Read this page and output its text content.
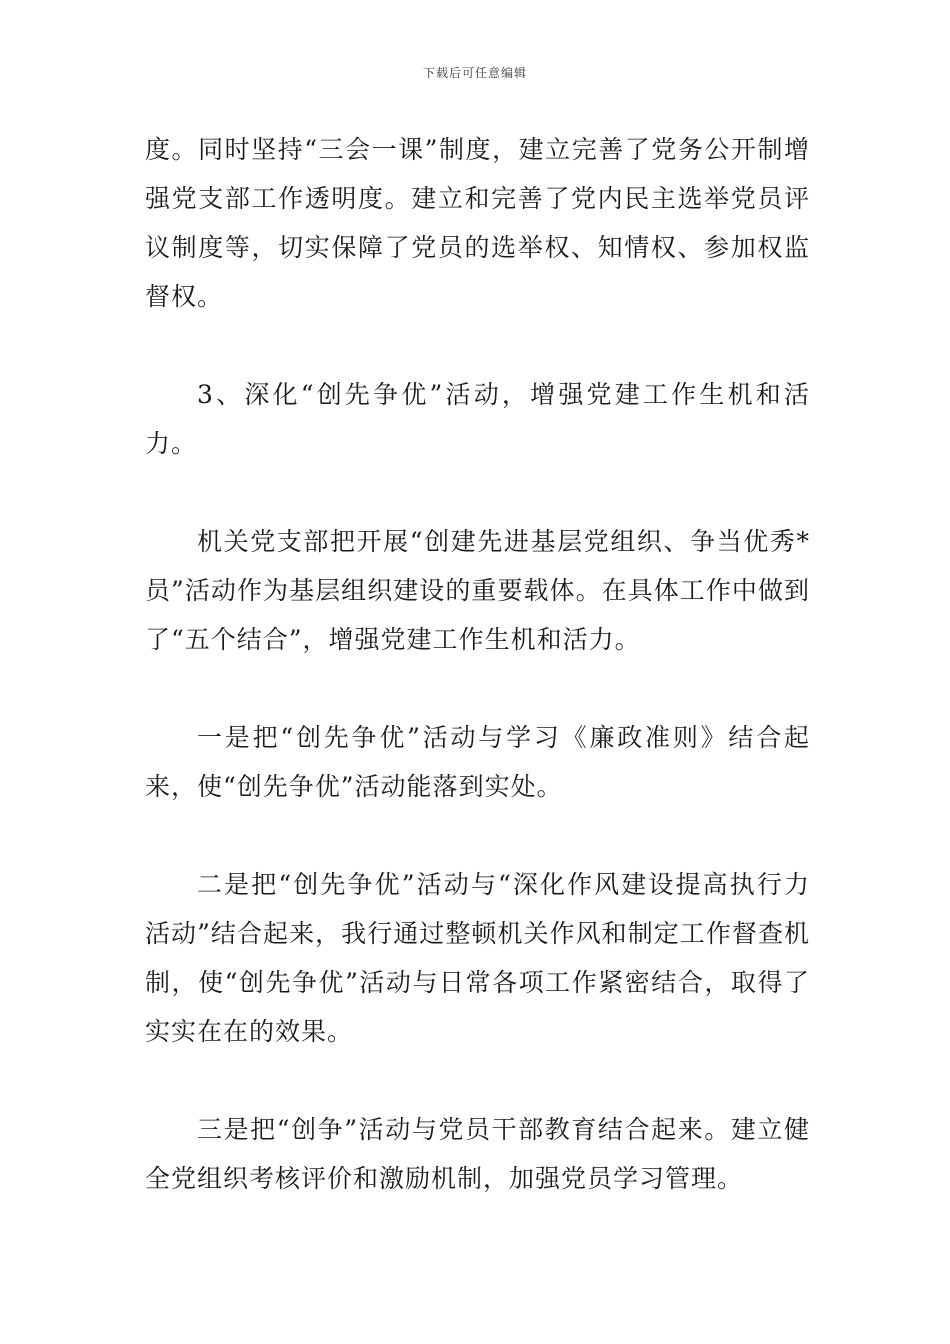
下载后可任意编辑

度。同时坚持“三会一课”制度，建立完善了党务公开制增强党支部工作透明度。建立和完善了党内民主选举党员评议制度等，切实保障了党员的选举权、知情权、参加权监督权。

3、深化“创先争优”活动，增强党建工作生机和活力。

机关党支部把开展“创建先进基层党组织、争当优秀*员”活动作为基层组织建设的重要载体。在具体工作中做到了“五个结合”，增强党建工作生机和活力。

一是把“创先争优”活动与学习《廉政准则》结合起来，使“创先争优”活动能落到实处。

二是把“创先争优”活动与“深化作风建设提高执行力活动”结合起来，我行通过整顿机关作风和制定工作督查机制，使“创先争优”活动与日常各项工作紧密结合，取得了实实在在的效果。

三是把“创争”活动与党员干部教育结合起来。建立健全党组织考核评价和激励机制，加强党员学习管理。
